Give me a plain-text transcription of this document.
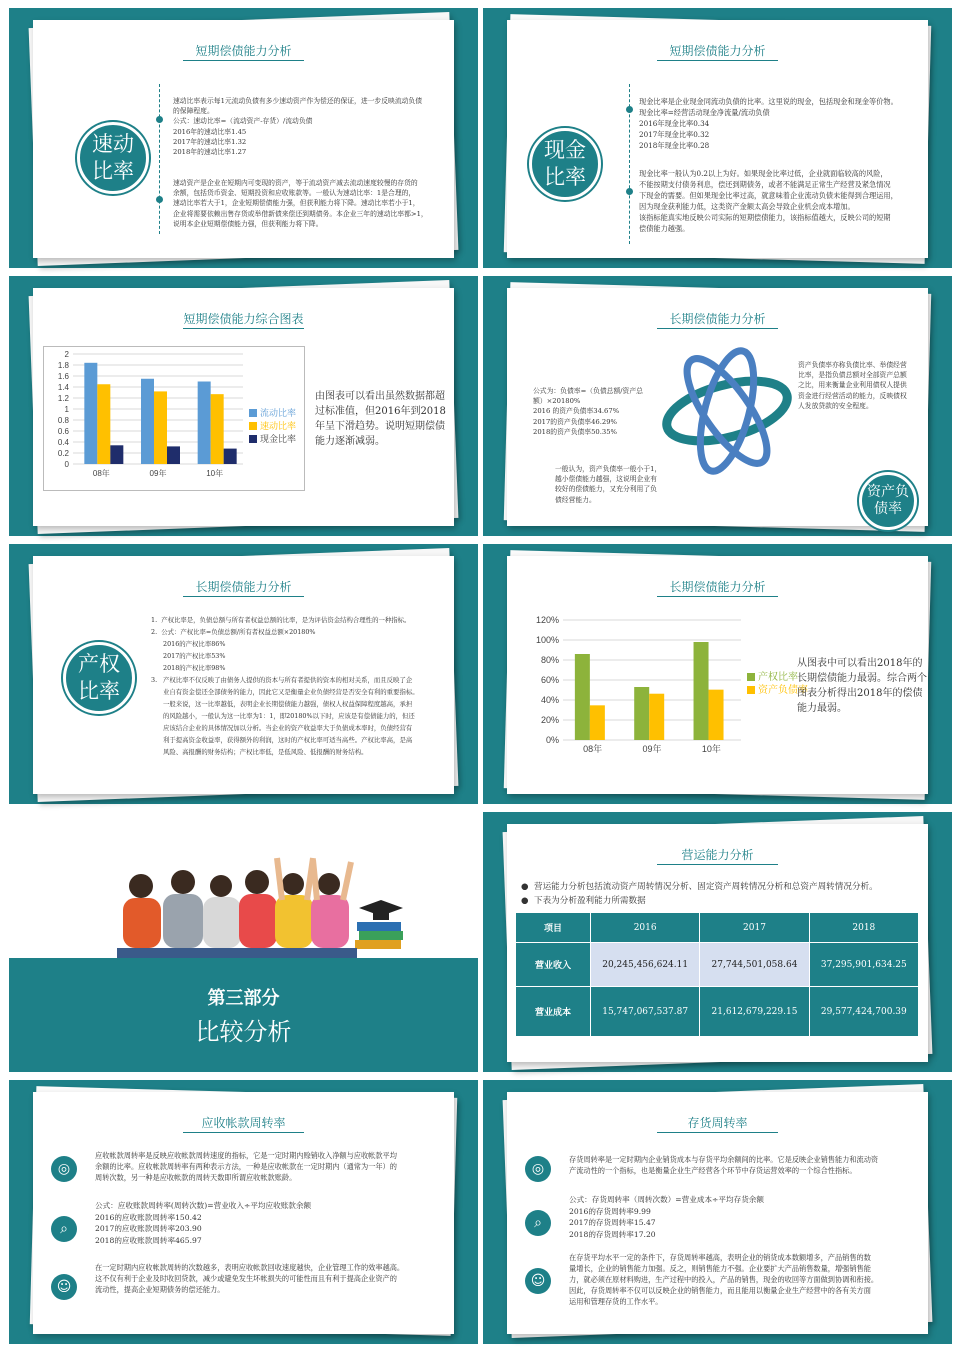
短期偿债能力分析
速动
比率
速动比率表示每1元流动负债有多少速动资产作为偿还的保证，进一步反映流动负债
的保障程度。
公式：速动比率=（流动资产-存货）/流动负债
2016年的速动比率1.45
2017年的速动比率1.32
2018年的速动比率1.27
速动资产是企业在短期内可变现的资产，等于流动资产减去流动速度较慢的存货的
余额，包括货币资金、短期投资和应收账款等。一般认为速动比率：1是合理的，
速动比率若大于1，企业短期偿债能力强，但获利能力将下降。速动比率若小于1，
企业将需要依赖出售存货或举借新债来偿还到期债务。本企业三年的速动比率都>1，
说明本企业短期偿债能力强，但获利能力将下降。
短期偿债能力分析
现金
比率
现金比率是企业现金同流动负债的比率。这里说的现金，包括现金和现金等价物。
现金比率=经营活动现金净流量/流动负债
2016年现金比率0.34
2017年现金比率0.32
2018年现金比率0.28
现金比率一般认为0.2以上为好。如果现金比率过低，企业就面临较高的风险，
不能按期支付债务利息，偿还到期债务，或者不能满足正常生产经营及紧急情况
下现金的需要。但如果现金比率过高，就意味着企业流动负债未能得到合理运用，
因为现金获利能力低，这类资产金额太高会导致企业机会成本增加。
该指标能真实地反映公司实际的短期偿债能力，该指标值越大，反映公司的短期
偿债能力越强。
短期偿债能力综合图表
0
0.2
0.4
0.6
0.8
1
1.2
1.4
1.6
1.8
2
08年	09年	10年
流动比率
速动比率
现金比率
由图表可以看出虽然数据都超
过标准值，但2016年到2018
年呈下滑趋势。说明短期偿债
能力逐渐减弱。
长期偿债能力分析
公式为：负债率=（负债总额/资产总
额）×20180%
2016 的资产负债率34.67%
2017的资产负债率46.29%
2018的资产负债率50.35%
资产负债率亦称负债比率、举债经营
比率，是指负债总额对全部资产总额
之比，用来衡量企业利用债权人提供
资金进行经营活动的能力，反映债权
人发放贷款的安全程度。
一般认为，资产负债率一般小于1，
越小偿债能力越强，这说明企业有
较好的偿债能力，又充分利用了负
债经营能力。	资产负
债率
长期偿债能力分析
产权
比率
1. 产权比率是，负债总额与所有者权益总额的比率，是为评估资金结构合理性的一种指标。
2. 公式：产权比率=负债总额/所有者权益总额×20180%
2016的产权比率86%
2017的产权比率53%
2018的产权比率98%
3. 产权比率不仅反映了由债务人提供的资本与所有者提供的资本的相对关系，而且反映了企
业自有资金偿还全部债务的能力，因此它又是衡量企业负债经营是否安全有利的重要指标。
一般来说，这一比率越低，表明企业长期偿债能力越强，债权人权益保障程度越高，承担
的风险越小，一般认为这一比率为1：1，即20180%以下时，应该是有偿债能力的，但还
应该结合企业的具体情况加以分析。当企业的资产收益率大于负债成本率时，负债经营有
利于提高资金收益率，获得额外的利润，这时的产权比率可适当高些。产权比率高，是高
风险、高报酬的财务结构；产权比率低，是低风险、低报酬的财务结构。
长期偿债能力分析
0%
20%
40%
60%
80%
100%
120%
08年	09年	10年
产权比率
资产负债率
从图表中可以看出2018年的
长期偿债能力最弱。综合两个
图表分析得出2018年的偿债
能力最弱。
第三部分
比较分析
营运能力分析
●  营运能力分析包括流动资产周转情况分析、固定资产周转情况分析和总资产周转情况分析。
●  下表为分析盈利能力所需数据
项目	2016	2017	2018
营业收入	20,245,456,624.11	27,744,501,058.64	37,295,901,634.25
营业成本	15,747,067,537.87	21,612,679,229.15	29,577,424,700.39
应收帐款周转率
◎
⌕
☺
应收帐款周转率是反映应收帐款周转速度的指标，它是一定时期内赊销收入净额与应收帐款平均
余额的比率。应收帐款周转率有两种表示方法，一种是应收帐款在一定时期内（通常为一年）的
周转次数，另一种是应收帐款的周转天数即所谓应收帐款账龄。
公式：应收账款周转率(周转次数)=营业收入÷平均应收账款余额
2016的应收账款周转率150.42
2017的应收账款周转率203.90
2018的应收账款周转率465.97
在一定时期内应收帐款周转的次数越多，表明应收帐款回收速度越快，企业管理工作的效率越高。
这不仅有利于企业及时收回贷款，减少或避免发生坏帐损失的可能性而且有利于提高企业资产的
流动性，提高企业短期债务的偿还能力。
存货周转率
◎
⌕
☺
存货周转率是一定时期内企业销货成本与存货平均余额间的比率。它是反映企业销售能力和流动资
产流动性的一个指标，也是衡量企业生产经营各个环节中存货运营效率的一个综合性指标。
公式：存货周转率（周转次数）=营业成本÷平均存货余额
2016的存货周转率9.99
2017的存货周转率15.47
2018的存货周转率17.20
在存货平均水平一定的条件下，存货周转率越高，表明企业的销货成本数额增多，产品销售的数
量增长，企业的销售能力加强。反之，则销售能力不强。企业要扩大产品销售数量，增强销售能
力，就必须在原材料购进，生产过程中的投入，产品的销售，现金的收回等方面做到协调和衔接。
因此，存货周转率不仅可以反映企业的销售能力，而且能用以衡量企业生产经营中的各有关方面
运用和管理存货的工作水平。
